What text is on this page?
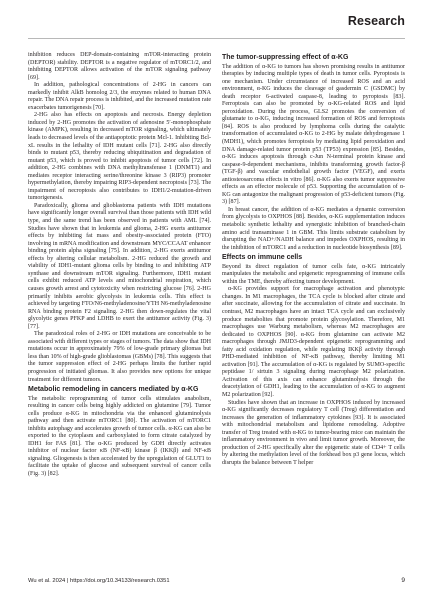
Research

inhibition reduces DEP-domain-containing mTOR-interacting protein (DEPTOR) stability. DEPTOR is a negative regulator of mTORC1/2, and inhibiting DEPTOR allows activation of the mTOR signaling pathway [69].

In addition, pathological concentrations of 2-HG in cancers can markedly inhibit AlkB homolog 2/3, the enzymes related to human DNA repair. The DNA repair process is inhibited, and the increased mutation rate exacerbates tumorigenesis [70].

2-HG also has effects on apoptosis and necrosis. Energy depletion induced by 2-HG promotes the activation of adenosine 5′-monophosphate kinase (AMPK), resulting in decreased mTOR signaling, which ultimately leads to decreased levels of the antiapoptotic protein Mcl-1. Inhibiting Bcl-xL results in the lethality of IDH mutant cells [71]. 2-HG also directly binds to mutant p53, thereby reducing ubiquitination and degradation of mutant p53, which is proved to inhibit apoptosis of tumor cells [72]. In addition, 2-HG combines with DNA methyltransferase 1 (DNMT1) and mediates receptor interacting serine/threonine kinase 3 (RIP3) promoter hypermethylation, thereby impairing RIP3-dependent necroptosis [73]. The impairment of necroptosis also contributes to IDH1/2-mutation-driven tumorigenesis.

Paradoxically, glioma and glioblastoma patients with IDH mutations have significantly longer overall survival than those patients with IDH wild type, and the same trend has been observed in patients with AML [74]. Studies have shown that in leukemia and glioma, 2-HG exerts antitumor effects by inhibiting fat mass and obesity-associated protein (FTO) involving in mRNA modification and downstream MYC/CCAAT enhancer binding protein alpha signaling [75]. In addition, 2-HG exerts antitumor effects by altering cellular metabolism. 2-HG reduced the growth and viability of IDH1-mutant glioma cells by binding to and inhibiting ATP synthase and downstream mTOR signaling. Furthermore, IDH1 mutant cells exhibit reduced ATP levels and mitochondrial respiration, which causes growth arrest and cytotoxicity when restricting glucose [76]. 2-HG primarily inhibits aerobic glycolysis in leukemia cells. This effect is achieved by targeting FTO/N6-methyladenosine/YTH N6-methyladenosine RNA binding protein F2 signaling. 2-HG then down-regulates the vital glycolytic genes PFKP and LDHB to exert the antitumor activity (Fig. 3) [77].

The paradoxical roles of 2-HG or IDH mutations are conceivable to be associated with different types or stages of tumors. The data show that IDH mutations occur in approximately 79% of low-grade primary gliomas but less than 10% of high-grade glioblastomas (GBMs) [78]. This suggests that the tumor suppression effect of 2-HG perhaps limits the further rapid progression of initiated gliomas. It also provides new options for unique treatment for different tumors.

Metabolic remodeling in cancers mediated by α-KG

The metabolic reprogramming of tumor cells stimulates anabolism, resulting in cancer cells being highly addicted on glutamine [79]. Tumor cells produce α-KG in mitochondria via the enhanced glutaminolysis pathway and then activate mTORC1 [80]. The activation of mTORC1 inhibits autophagy and accelerates growth of tumor cells. α-KG can also be exported to the cytoplasm and carboxylated to form citrate catalyzed by IDH1 for FAS [81]. The α-KG produced by GDH directly activates inhibitor of nuclear factor κB (NF-κB) kinase β (IKKβ) and NF-κB signaling. Gliogenesis is then accelerated by the upregulation of GLUT1 to facilitate the uptake of glucose and subsequent survival of cancer cells (Fig. 3) [82].

The tumor-suppressing effect of α-KG

The addition of α-KG to tumors has shown promising results in antitumor therapies by inducing multiple types of death in tumor cells. Pyroptosis is one mechanism. Under circumstance of increased ROS and an acid environment, α-KG induces the cleavage of gasdermin C (GSDMC) by death receptor 6-activated caspase-8, leading to pyroptosis [83]. Ferroptosis can also be promoted by α-KG-related ROS and lipid peroxidation. During the process, GLS2 promotes the conversion of glutamate to α-KG, inducing increased formation of ROS and ferroptosis [84]. ROS is also produced by lymphoma cells during the catalytic transformation of accumulated α-KG to 2-HG by malate dehydrogenase 1 (MDH1), which promotes ferroptosis by mediating lipid peroxidation and DNA damage-related tumor protein p53 (TP53) expression [85]. Besides, α-KG induces apoptosis through c-Jun N-terminal protein kinase and caspase-9-dependent mechanisms, inhibits transforming growth factor-β (TGF-β) and vascular endothelial growth factor (VEGF), and exerts antiosteosarcoma effects in vitro [86]. α-KG also exerts tumor suppressive effects as an effector molecule of p53. Supporting the accumulation of α-KG can antagonize the malignant progression of p53-deficient tumors (Fig. 3) [87].

In breast cancer, the addition of α-KG mediates a dynamic conversion from glycolysis to OXPHOS [88]. Besides, α-KG supplementation induces metabolic synthetic lethality and synergistic inhibition of branched-chain amino acid transaminase 1 in GBM. This limits substrate catabolism by disrupting the NAD+/NADH balance and impedes OXPHOS, resulting in the inhibition of mTORC1 and a reduction in nucleotide biosynthesis [89].

Effects on immune cells

Beyond its direct regulation of tumor cells fate, α-KG intricately manipulates the metabolic and epigenetic reprogramming of immune cells within the TME, thereby affecting tumor development.

α-KG provides support for macrophage activation and phenotypic changes. In M1 macrophages, the TCA cycle is blocked after citrate and after succinate, allowing for the accumulation of citrate and succinate. In contrast, M2 macrophages have an intact TCA cycle and can exclusively produce metabolites that promote protein glycosylation. Therefore, M1 macrophages use Warburg metabolism, whereas M2 macrophages are dedicated to OXPHOS [90]. α-KG from glutamine can activate M2 macrophages through JMJD3-dependent epigenetic reprogramming and fatty acid oxidation regulation, while regulating IKKβ activity through PHD-mediated inhibition of NF-κB pathway, thereby limiting M1 activation [91]. The accumulation of α-KG is regulated by SUMO-specific peptidase 1/ sirtuin 3 signaling during macrophage M2 polarization. Activation of this axis can enhance glutaminolysis through the deacetylation of GDH1, leading to the accumulation of α-KG to augment M2 polarization [92].

Studies have shown that an increase in OXPHOS induced by increased α-KG significantly decreases regulatory T cell (Treg) differentiation and increases the generation of inflammatory cytokines [93]. It is associated with mitochondrial metabolism and lipidome remodeling. Adoptive transfer of Treg treated with α-KG to tumor-bearing mice can maintain the inflammatory environment in vivo and limit tumor growth. Moreover, the production of 2-HG specifically alter the epigenetic state of CD4+ T cells by altering the methylation level of the forkhead box p3 gene locus, which disrupts the balance between T helper

Wu et al. 2024 | https://doi.org/10.34133/research.0351	9
